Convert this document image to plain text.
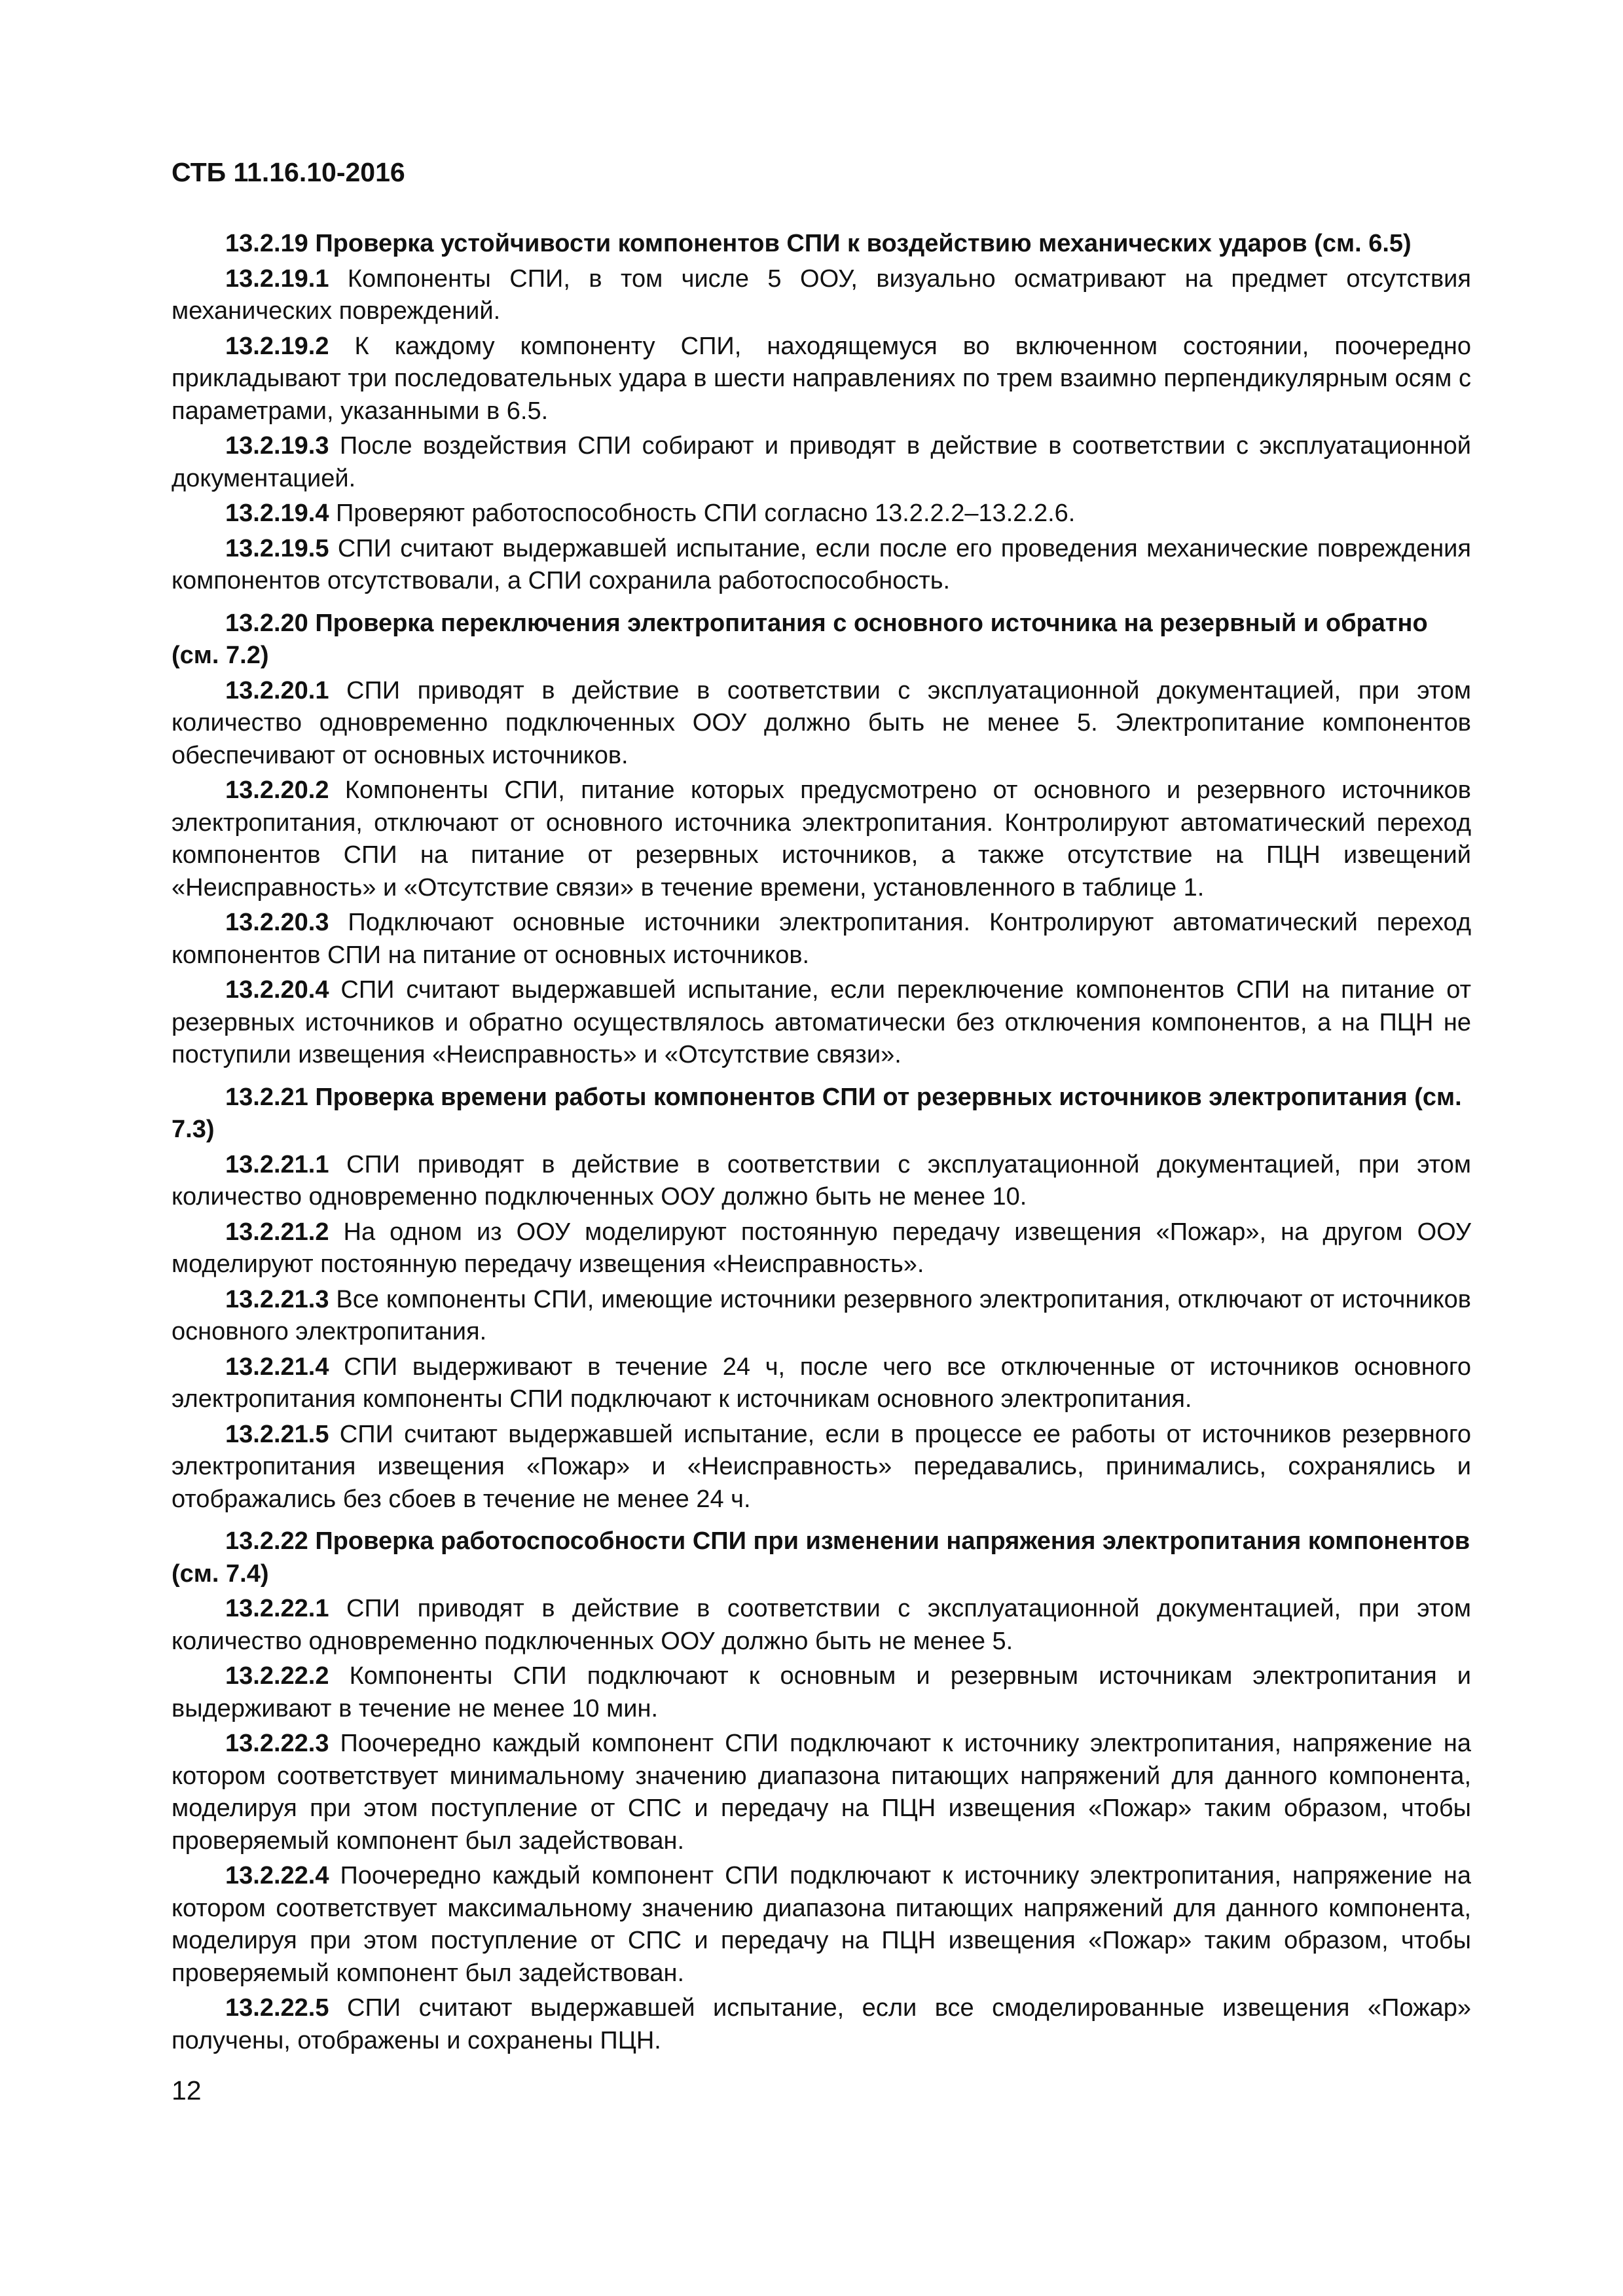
СТБ 11.16.10-2016

13.2.19 Проверка устойчивости компонентов СПИ к воздействию механических ударов (см. 6.5)

13.2.19.1 Компоненты СПИ, в том числе 5 ООУ, визуально осматривают на предмет отсутствия механических повреждений.

13.2.19.2 К каждому компоненту СПИ, находящемуся во включенном состоянии, поочередно прикладывают три последовательных удара в шести направлениях по трем взаимно перпендикулярным осям с параметрами, указанными в 6.5.

13.2.19.3 После воздействия СПИ собирают и приводят в действие в соответствии с эксплуатационной документацией.

13.2.19.4 Проверяют работоспособность СПИ согласно 13.2.2.2–13.2.2.6.

13.2.19.5 СПИ считают выдержавшей испытание, если после его проведения механические повреждения компонентов отсутствовали, а СПИ сохранила работоспособность.

13.2.20 Проверка переключения электропитания с основного источника на резервный и обратно (см. 7.2)

13.2.20.1 СПИ приводят в действие в соответствии с эксплуатационной документацией, при этом количество одновременно подключенных ООУ должно быть не менее 5. Электропитание компонентов обеспечивают от основных источников.

13.2.20.2 Компоненты СПИ, питание которых предусмотрено от основного и резервного источников электропитания, отключают от основного источника электропитания. Контролируют автоматический переход компонентов СПИ на питание от резервных источников, а также отсутствие на ПЦН извещений «Неисправность» и «Отсутствие связи» в течение времени, установленного в таблице 1.

13.2.20.3 Подключают основные источники электропитания. Контролируют автоматический переход компонентов СПИ на питание от основных источников.

13.2.20.4 СПИ считают выдержавшей испытание, если переключение компонентов СПИ на питание от резервных источников и обратно осуществлялось автоматически без отключения компонентов, а на ПЦН не поступили извещения «Неисправность» и «Отсутствие связи».

13.2.21 Проверка времени работы компонентов СПИ от резервных источников электропитания (см. 7.3)

13.2.21.1 СПИ приводят в действие в соответствии с эксплуатационной документацией, при этом количество одновременно подключенных ООУ должно быть не менее 10.

13.2.21.2 На одном из ООУ моделируют постоянную передачу извещения «Пожар», на другом ООУ моделируют постоянную передачу извещения «Неисправность».

13.2.21.3 Все компоненты СПИ, имеющие источники резервного электропитания, отключают от источников основного электропитания.

13.2.21.4 СПИ выдерживают в течение 24 ч, после чего все отключенные от источников основного электропитания компоненты СПИ подключают к источникам основного электропитания.

13.2.21.5 СПИ считают выдержавшей испытание, если в процессе ее работы от источников резервного электропитания извещения «Пожар» и «Неисправность» передавались, принимались, сохранялись и отображались без сбоев в течение не менее 24 ч.

13.2.22 Проверка работоспособности СПИ при изменении напряжения электропитания компонентов (см. 7.4)

13.2.22.1 СПИ приводят в действие в соответствии с эксплуатационной документацией, при этом количество одновременно подключенных ООУ должно быть не менее 5.

13.2.22.2 Компоненты СПИ подключают к основным и резервным источникам электропитания и выдерживают в течение не менее 10 мин.

13.2.22.3 Поочередно каждый компонент СПИ подключают к источнику электропитания, напряжение на котором соответствует минимальному значению диапазона питающих напряжений для данного компонента, моделируя при этом поступление от СПС и передачу на ПЦН извещения «Пожар» таким образом, чтобы проверяемый компонент был задействован.

13.2.22.4 Поочередно каждый компонент СПИ подключают к источнику электропитания, напряжение на котором соответствует максимальному значению диапазона питающих напряжений для данного компонента, моделируя при этом поступление от СПС и передачу на ПЦН извещения «Пожар» таким образом, чтобы проверяемый компонент был задействован.

13.2.22.5 СПИ считают выдержавшей испытание, если все смоделированные извещения «Пожар» получены, отображены и сохранены ПЦН.

12
